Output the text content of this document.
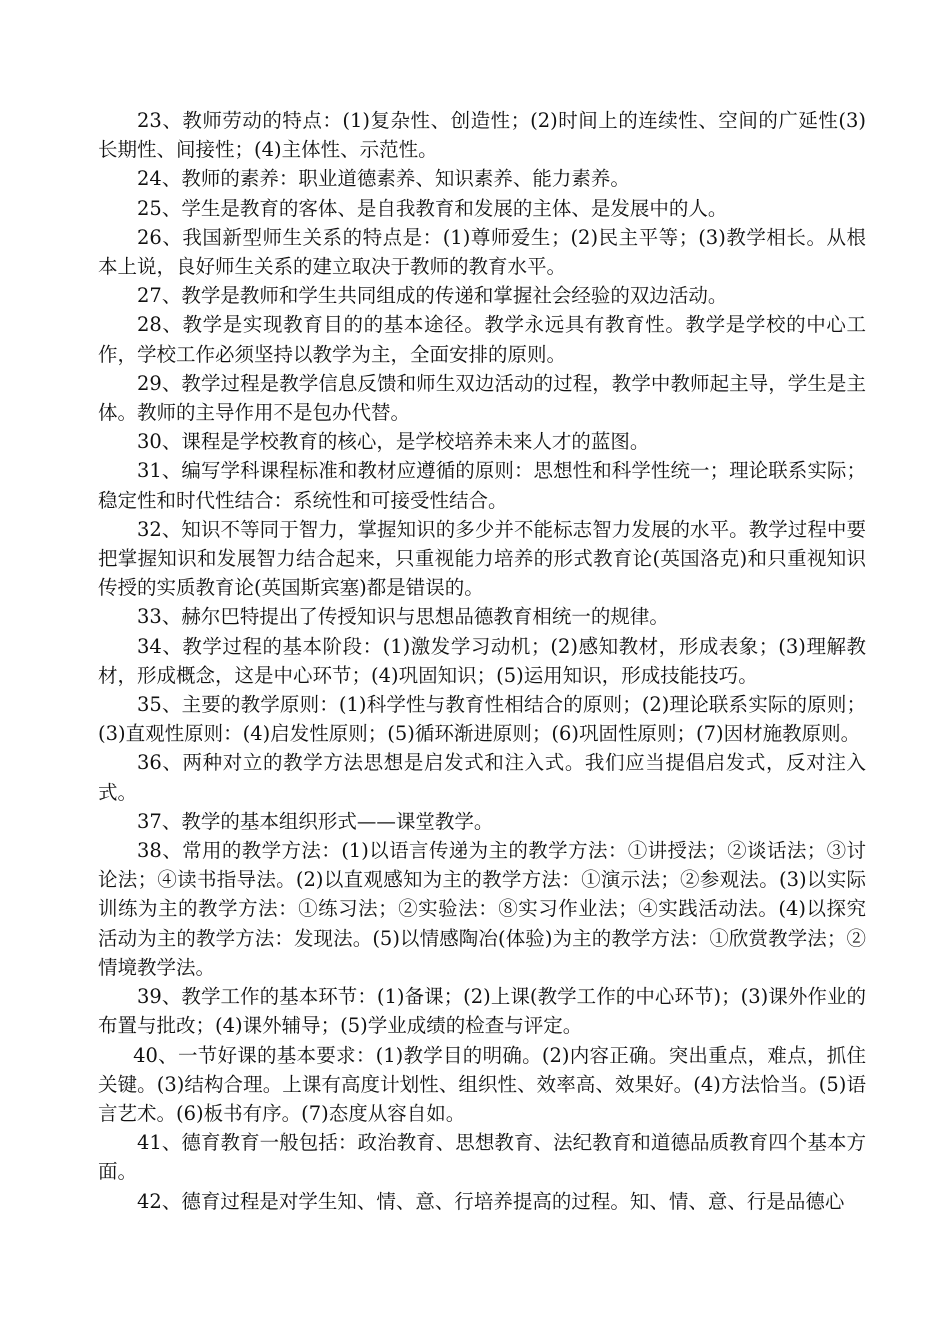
23、教师劳动的特点：(1)复杂性、创造性；(2)时间上的连续性、空间的广延性(3)长期性、间接性；(4)主体性、示范性。

24、教师的素养：职业道德素养、知识素养、能力素养。

25、学生是教育的客体、是自我教育和发展的主体、是发展中的人。

26、我国新型师生关系的特点是：(1)尊师爱生；(2)民主平等；(3)教学相长。从根本上说，良好师生关系的建立取决于教师的教育水平。

27、教学是教师和学生共同组成的传递和掌握社会经验的双边活动。

28、教学是实现教育目的的基本途径。教学永远具有教育性。教学是学校的中心工作，学校工作必须坚持以教学为主，全面安排的原则。

29、教学过程是教学信息反馈和师生双边活动的过程，教学中教师起主导，学生是主体。教师的主导作用不是包办代替。

30、课程是学校教育的核心，是学校培养未来人才的蓝图。

31、编写学科课程标准和教材应遵循的原则：思想性和科学性统一；理论联系实际；稳定性和时代性结合：系统性和可接受性结合。

32、知识不等同于智力，掌握知识的多少并不能标志智力发展的水平。教学过程中要把掌握知识和发展智力结合起来，只重视能力培养的形式教育论(英国洛克)和只重视知识传授的实质教育论(英国斯宾塞)都是错误的。

33、赫尔巴特提出了传授知识与思想品德教育相统一的规律。

34、教学过程的基本阶段：(1)激发学习动机；(2)感知教材，形成表象；(3)理解教材，形成概念，这是中心环节；(4)巩固知识；(5)运用知识，形成技能技巧。

35、主要的教学原则：(1)科学性与教育性相结合的原则；(2)理论联系实际的原则；(3)直观性原则：(4)启发性原则；(5)循环渐进原则；(6)巩固性原则；(7)因材施教原则。

36、两种对立的教学方法思想是启发式和注入式。我们应当提倡启发式，反对注入式。

37、教学的基本组织形式——课堂教学。

38、常用的教学方法：(1)以语言传递为主的教学方法：①讲授法；②谈话法；③讨论法；④读书指导法。(2)以直观感知为主的教学方法：①演示法；②参观法。(3)以实际训练为主的教学方法：①练习法；②实验法：⑧实习作业法；④实践活动法。(4)以探究活动为主的教学方法：发现法。(5)以情感陶冶(体验)为主的教学方法：①欣赏教学法；②情境教学法。

39、教学工作的基本环节：(1)备课；(2)上课(教学工作的中心环节)；(3)课外作业的布置与批改；(4)课外辅导；(5)学业成绩的检查与评定。

40、一节好课的基本要求：(1)教学目的明确。(2)内容正确。突出重点，难点，抓住关键。(3)结构合理。上课有高度计划性、组织性、效率高、效果好。(4)方法恰当。(5)语言艺术。(6)板书有序。(7)态度从容自如。

41、德育教育一般包括：政治教育、思想教育、法纪教育和道德品质教育四个基本方面。

42、德育过程是对学生知、情、意、行培养提高的过程。知、情、意、行是品德心
